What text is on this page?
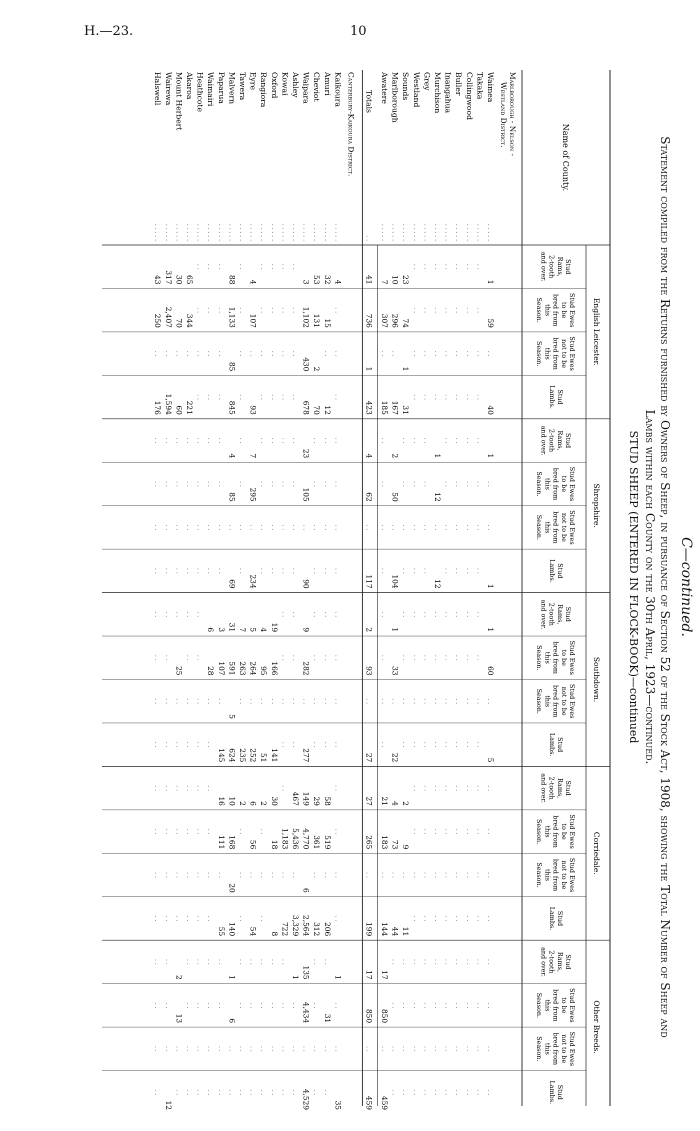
H.—23.	10
C—continued.
Statement compiled from the Returns furnished by Owners of Sheep, in pursuance of Section 52 of the Stock Act, 1908, showing the Total Number of Sheep and
Lambs within each County on the 30th April, 1923—continued.
STUD SHEEP (ENTERED IN FLOCK-BOOK)—continued
Name of County.
English Leicester.
Shropshire.
Southdown.
Corriedale.
Other Breeds.
StudRams,2-toothand over.
Stud Ewesto bebred fromthisSeason.
Stud Ewesnot to bebred fromthisSeason.
StudLambs.
StudRams,2-toothand over.
Stud Ewesto bebred fromthisSeason.
Stud Ewesnot to bebred fromthisSeason.
StudLambs.
StudRams,2-toothand over.
Stud Ewesto bebred fromthisSeason.
Stud Ewesnot to bebred fromthisSeason.
StudLambs.
StudRams,2-toothand over.
Stud Ewesto bebred fromthisSeason.
Stud Ewesnot to bebred fromthisSeason.
StudLambs.
StudRams,2-toothand over.
Stud Ewesto bebred fromthisSeason.
Stud Ewesnot to bebred fromthisSeason.
StudLambs.
Marlborough - Nelson -
Westland District.
Waimea
. . . . .
1
59
. .
40
1
. .
. .
1
1
60
. .
5
. .
. .
. .
. .
. .
. .
. .
. .
Takaka
. . . . .
. .
. .
. .
. .
. .
. .
. .
. .
. .
. .
. .
. .
. .
. .
. .
. .
. .
. .
. .
. .
Collingwood
. . . . .
. .
. .
. .
. .
. .
. .
. .
. .
. .
. .
. .
. .
. .
. .
. .
. .
. .
. .
. .
. .
Buller
. . . . .
. .
. .
. .
. .
. .
. .
. .
. .
. .
. .
. .
. .
. .
. .
. .
. .
. .
. .
. .
. .
Inangahua
. . . . .
. .
. .
. .
. .
. .
. .
. .
. .
. .
. .
. .
. .
. .
. .
. .
. .
. .
. .
. .
. .
Murchison
. . . . .
. .
. .
. .
. .
1
12
. .
12
. .
. .
. .
. .
. .
. .
. .
. .
. .
. .
. .
. .
Grey
. . . . .
. .
. .
. .
. .
. .
. .
. .
. .
. .
. .
. .
. .
. .
. .
. .
. .
. .
. .
. .
. .
Westland
. . . . .
. .
. .
. .
. .
. .
. .
. .
. .
. .
. .
. .
. .
. .
. .
. .
. .
. .
. .
. .
. .
Sounds
. . . . .
23
74
1
31
. .
. .
. .
. .
. .
. .
. .
. .
2
9
. .
11
. .
. .
. .
. .
Marlborough
. . . . .
10
296
. .
167
2
50
. .
104
1
33
. .
22
4
73
. .
44
. .
. .
. .
. .
Awatere
. . . . .
7
307
. .
185
. .
. .
. .
. .
. .
. .
. .
. .
21
183
. .
144
17
850
. .
459
Totals
. .
41
736
1
423
4
62
. .
117
2
93
. .
27
27
265
. .
199
17
850
. .
459
Canterbury-Kaikoura District.
Kaikoura
. . . . .
4
. .
. .
. .
. .
. .
. .
. .
. .
. .
. .
. .
. .
. .
. .
. .
1
. .
. .
35
Amuri
. . . . .
32
15
. .
12
. .
. .
. .
. .
. .
. .
. .
. .
58
519
. .
206
. .
31
. .
. .
Cheviot
. . . . .
53
131
2
70
. .
. .
. .
. .
. .
. .
. .
. .
29
361
. .
312
. .
. .
. .
. .
Waipara
. . . . .
3
1,102
430
678
23
105
. .
90
9
282
. .
277
149
4,770
6
2,564
135
4,434
. .
4,529
Ashley
. . . . .
. .
. .
. .
. .
. .
. .
. .
. .
. .
. .
. .
. .
467
5,436
. .
3,329
1
. .
. .
. .
Kowai
. . . . .
. .
. .
. .
. .
. .
. .
. .
. .
. .
. .
. .
. .
. .
1,183
. .
722
. .
. .
. .
. .
Oxford
. . . . .
. .
. .
. .
. .
. .
. .
. .
. .
19
166
. .
141
30
18
. .
8
. .
. .
. .
. .
Rangiora
. . . . .
. .
. .
. .
. .
. .
. .
. .
. .
4
95
. .
51
2
. .
. .
. .
. .
. .
. .
. .
Eyre
. . . . .
4
107
. .
93
7
295
. .
234
5
264
. .
252
6
56
. .
54
. .
. .
. .
. .
Tawera
. . . . .
. .
. .
. .
. .
. .
. .
. .
. .
7
263
. .
235
2
. .
. .
. .
. .
. .
. .
. .
Malvern
. . . . .
88
1,133
85
845
4
85
. .
69
31
591
5
624
10
168
20
140
1
6
. .
. .
Paparua
. . . . .
. .
. .
. .
. .
. .
. .
. .
. .
3
107
. .
145
16
111
. .
55
. .
. .
. .
. .
Waimairi
. . . . .
. .
. .
. .
. .
. .
. .
. .
. .
6
28
. .
. .
. .
. .
. .
. .
. .
. .
. .
. .
Heathcote
. . . . .
. .
. .
. .
. .
. .
. .
. .
. .
. .
. .
. .
. .
. .
. .
. .
. .
. .
. .
. .
. .
Akaroa
. . . . .
65
344
. .
221
. .
. .
. .
. .
. .
. .
. .
. .
. .
. .
. .
. .
. .
. .
. .
. .
Mount Herbert
. . . . .
30
70
. .
60
. .
. .
. .
. .
. .
25
. .
. .
. .
. .
. .
. .
2
13
. .
. .
Wairewa
. . . . .
317
2,407
. .
1,594
. .
. .
. .
. .
. .
. .
. .
. .
. .
. .
. .
. .
. .
. .
. .
12
Halswell
. . . . .
43
250
. .
176
. .
. .
. .
. .
. .
. .
. .
. .
. .
. .
. .
. .
. .
. .
. .
. .
